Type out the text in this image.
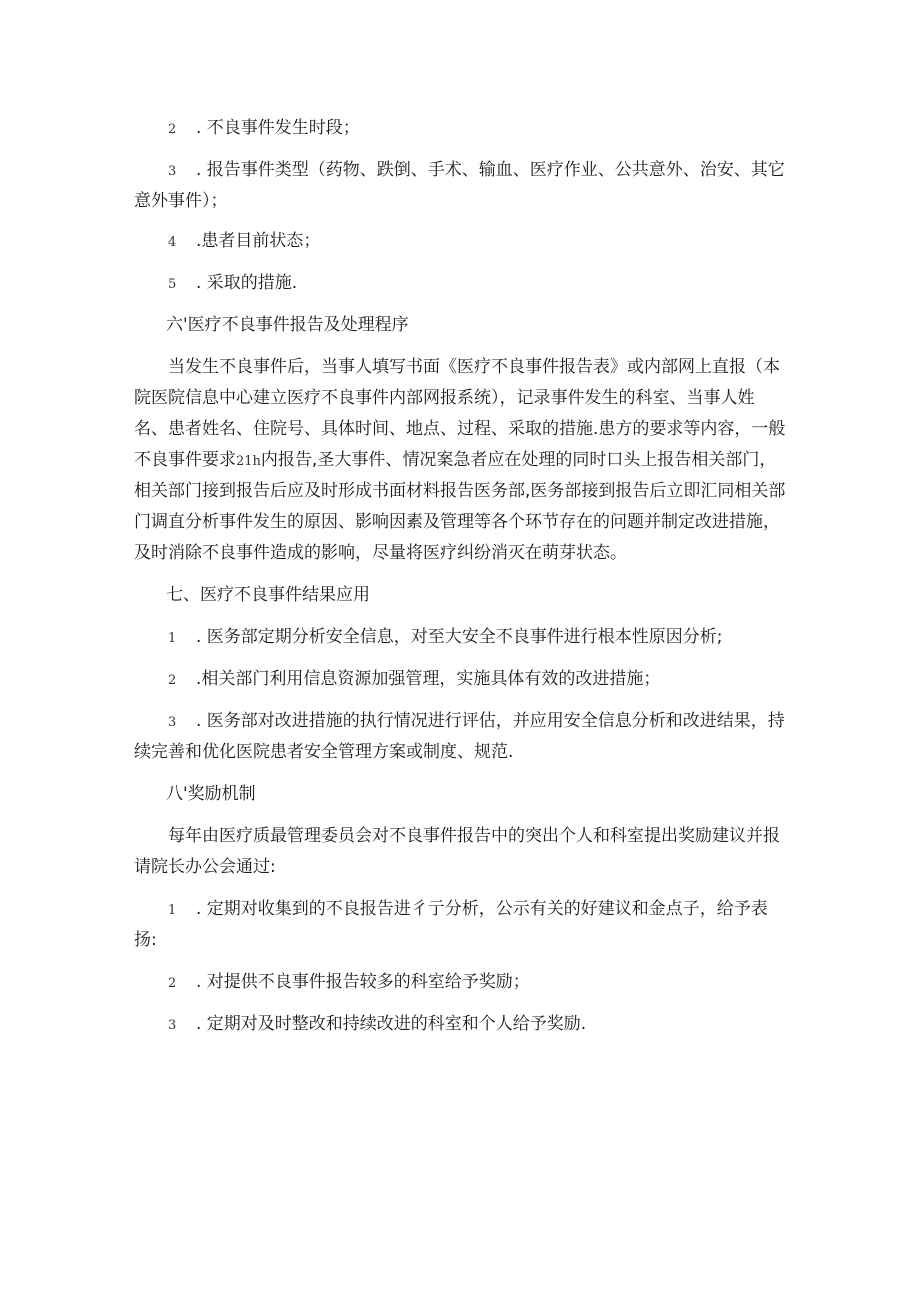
2 . 不良事件发生时段；
3 . 报告事件类型（药物、跌倒、手术、输血、医疗作业、公共意外、治安、其它
意外事件）；
4 .患者目前状态；
5 . 采取的措施.
六'医疗不良事件报告及处理程序
当发生不良事件后，当事人填写书面《医疗不良事件报告表》或内部网上直报（本
院医院信息中心建立医疗不良事件内部网报系统），记录事件发生的科室、当事人姓
名、患者姓名、住院号、具体时间、地点、过程、采取的措施.患方的要求等内容，一般
不良事件要求21h内报告,圣大事件、情况案急者应在处理的同时口头上报告相关部门，
相关部门接到报告后应及时形成书面材料报告医务部,医务部接到报告后立即汇同相关部
门调直分析事件发生的原因、影响因素及管理等各个环节存在的问题并制定改进措施，
及时消除不良事件造成的影响，尽量将医疗纠纷消灭在萌芽状态。
七、医疗不良事件结果应用
1 . 医务部定期分析安全信息，对至大安全不良事件进行根本性原因分析;
2 .相关部门利用信息资源加强管理，实施具体有效的改进措施；
3 . 医务部对改进措施的执行情况进行评估，并应用安全信息分析和改进结果，持
续完善和优化医院患者安全管理方案或制度、规范.
八'奖励机制
每年由医疗质最管理委员会对不良事件报告中的突出个人和科室提出奖励建议并报
请院长办公会通过:
1 . 定期对收集到的不良报告进彳亍分析，公示有关的好建议和金点子，给予表
扬:
2 . 对提供不良事件报告较多的科室给予奖励；
3 . 定期对及时整改和持续改进的科室和个人给予奖励.
